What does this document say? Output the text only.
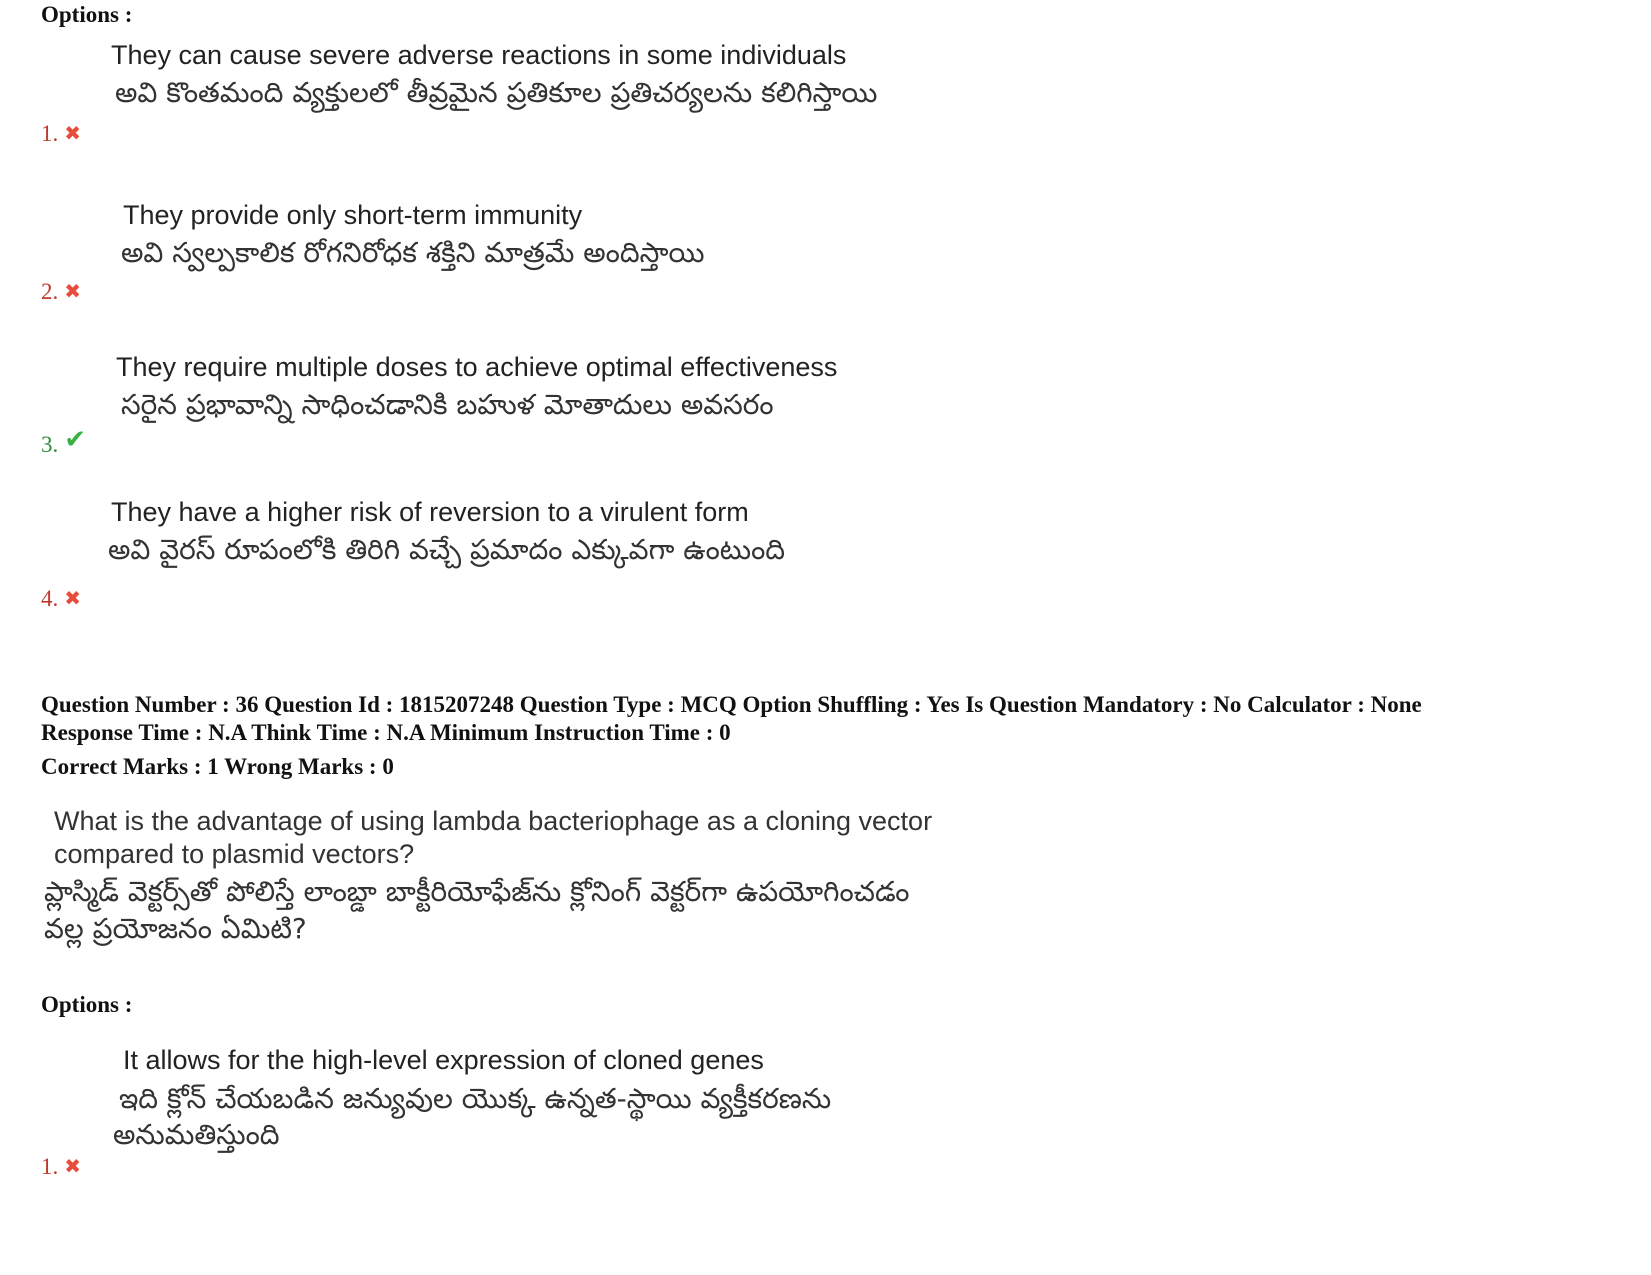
Options :

They can cause severe adverse reactions in some individuals
అవి కొంతమంది వ్యక్తులలో తీవ్రమైన ప్రతికూల ప్రతిచర్యలను కలిగిస్తాయి
1. ✖
They provide only short-term immunity
అవి స్వల్పకాలిక రోగనిరోధక శక్తిని మాత్రమే అందిస్తాయి
2. ✖
They require multiple doses to achieve optimal effectiveness
సరైన ప్రభావాన్ని సాధించడానికి బహుళ మోతాదులు అవసరం
3. ✔
They have a higher risk of reversion to a virulent form
అవి వైరస్ రూపంలోకి తిరిగి వచ్చే ప్రమాదం ఎక్కువగా ఉంటుంది
4. ✖

Question Number : 36 Question Id : 1815207248 Question Type : MCQ Option Shuffling : Yes Is Question Mandatory : No Calculator : None

Response Time : N.A Think Time : N.A Minimum Instruction Time : 0

Correct Marks : 1 Wrong Marks : 0

What is the advantage of using lambda bacteriophage as a cloning vector
compared to plasmid vectors?
ప్లాస్మిడ్ వెక్టర్స్‌తో పోలిస్తే లాంబ్డా బాక్టీరియోఫేజ్‌ను క్లోనింగ్ వెక్టర్‌గా ఉపయోగించడం
వల్ల ప్రయోజనం ఏమిటి?

Options :

It allows for the high-level expression of cloned genes
ఇది క్లోన్ చేయబడిన జన్యువుల యొక్క ఉన్నత-స్థాయి వ్యక్తీకరణను
అనుమతిస్తుంది
1. ✖
